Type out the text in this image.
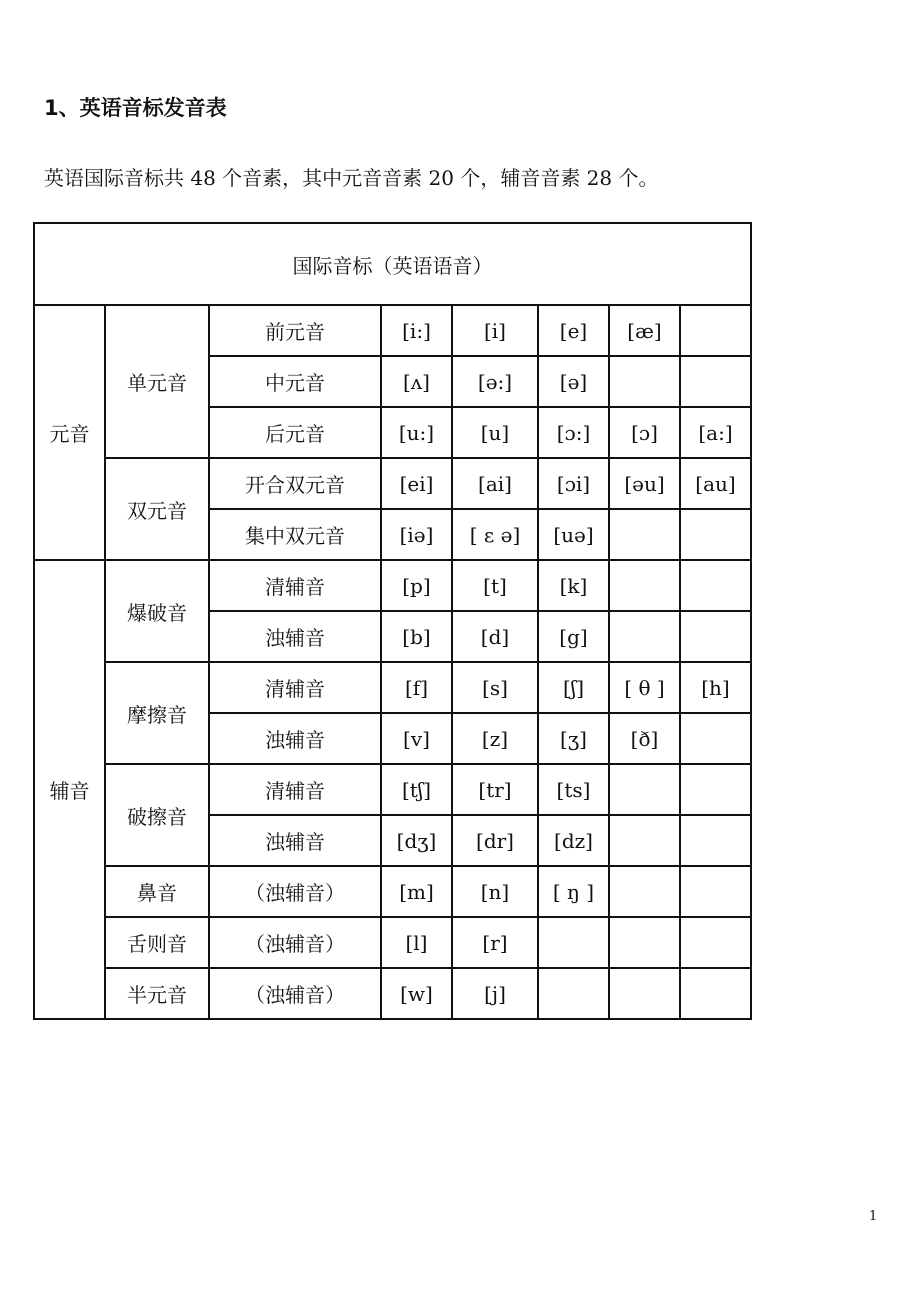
1、英语音标发音表
英语国际音标共 48 个音素，其中元音音素 20 个，辅音音素 28 个。
国际音标（英语语音）							
元音	单元音	前元音	[i:]	[i]	[e]	[æ]	
		中元音	[ʌ]	[ə:]	[ə]		
		后元音	[u:]	[u]	[ɔ:]	[ɔ]	[a:]
	双元音	开合双元音	[ei]	[ai]	[ɔi]	[əu]	[au]
		集中双元音	[iə]	[ ε ə]	[uə]		
辅音	爆破音	清辅音	[p]	[t]	[k]		
		浊辅音	[b]	[d]	[g]		
	摩擦音	清辅音	[f]	[s]	[ʃ]	[ θ ]	[h]
		浊辅音	[v]	[z]	[ʒ]	[ð]	
	破擦音	清辅音	[tʃ]	[tr]	[ts]		
		浊辅音	[dʒ]	[dr]	[dz]		
	鼻音	（浊辅音）	[m]	[n]	[ ŋ ]		
	舌则音	（浊辅音）	[l]	[r]			
	半元音	（浊辅音）	[w]	[j]			
1
